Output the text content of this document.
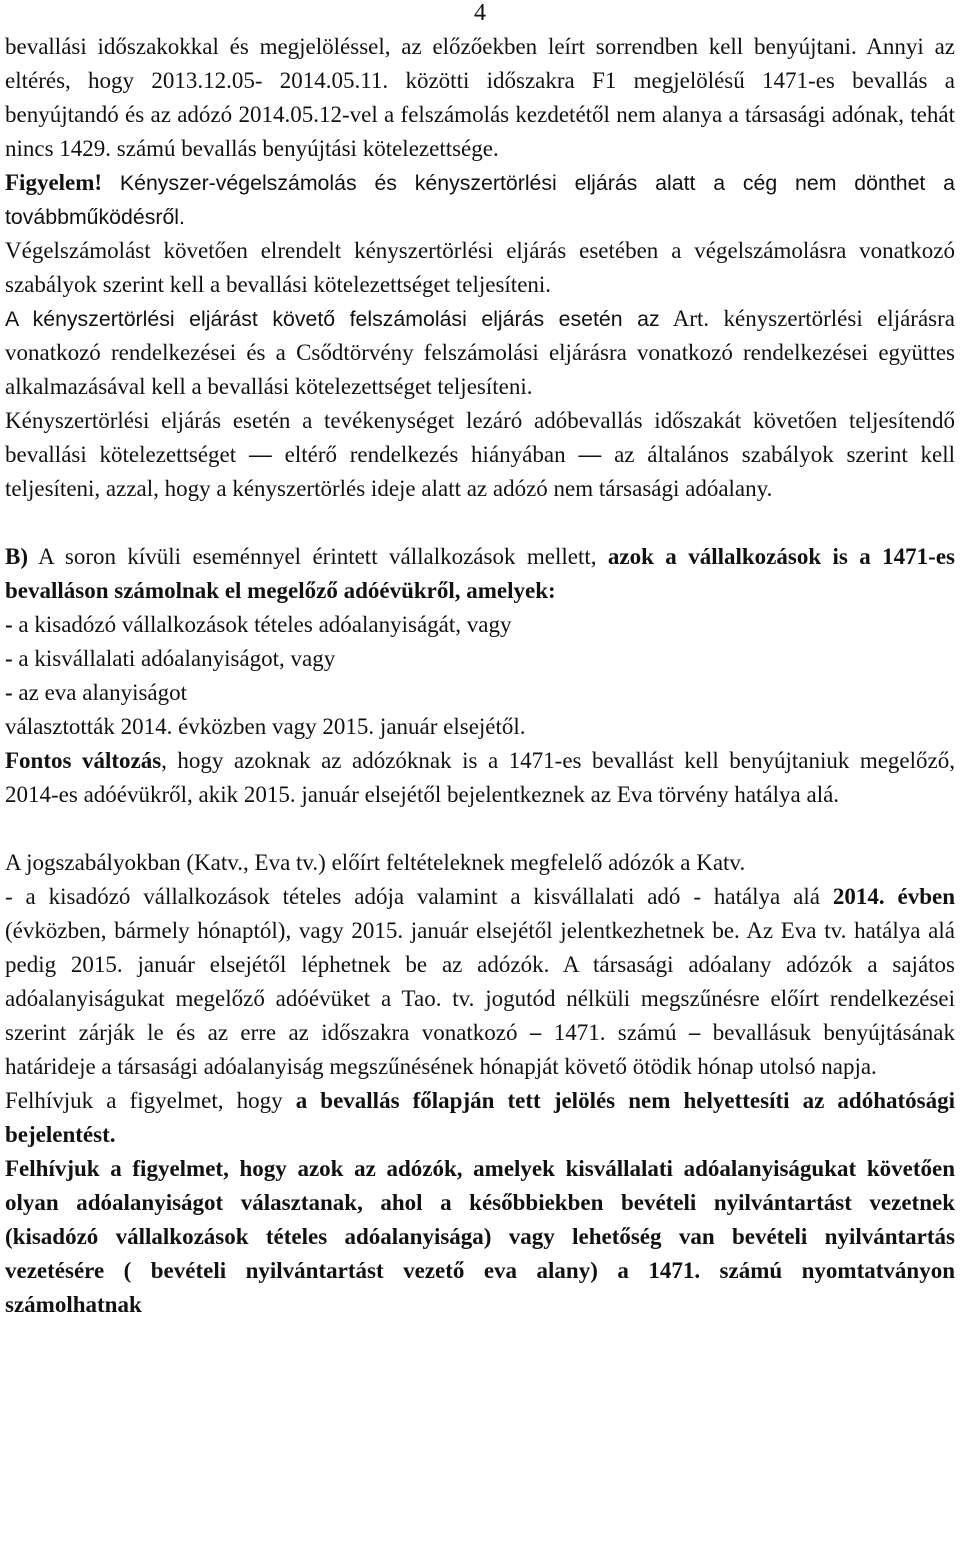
4

bevallási időszakokkal és megjelöléssel, az előzőekben leírt sorrendben kell benyújtani. Annyi az eltérés, hogy 2013.12.05- 2014.05.11. közötti időszakra F1 megjelölésű 1471-es bevallás a benyújtandó és az adózó 2014.05.12-vel a felszámolás kezdetétől nem alanya a társasági adónak, tehát nincs 1429. számú bevallás benyújtási kötelezettsége.

Figyelem! Kényszer-végelszámolás és kényszertörlési eljárás alatt a cég nem dönthet a továbbműködésről.

Végelszámolást követően elrendelt kényszertörlési eljárás esetében a végelszámolásra vonatkozó szabályok szerint kell a bevallási kötelezettséget teljesíteni.

A kényszertörlési eljárást követő felszámolási eljárás esetén az Art. kényszertörlési eljárásra vonatkozó rendelkezései és a Csődtörvény felszámolási eljárásra vonatkozó rendelkezései együttes alkalmazásával kell a bevallási kötelezettséget teljesíteni.

Kényszertörlési eljárás esetén a tevékenységet lezáró adóbevallás időszakát követően teljesítendő bevallási kötelezettséget ⎯⎯ eltérő rendelkezés hiányában ⎯⎯ az általános szabályok szerint kell teljesíteni, azzal, hogy a kényszertörlés ideje alatt az adózó nem társasági adóalany.

B) A soron kívüli eseménnyel érintett vállalkozások mellett, azok a vállalkozások is a 1471-es bevalláson számolnak el megelőző adóévükről, amelyek:

- a kisadózó vállalkozások tételes adóalanyiságát, vagy

- a kisvállalati adóalanyiságot, vagy

- az eva alanyiságot

választották 2014. évközben vagy 2015. január elsejétől.

Fontos változás, hogy azoknak az adózóknak is a 1471-es bevallást kell benyújtaniuk megelőző, 2014-es adóévükről, akik 2015. január elsejétől bejelentkeznek az Eva törvény hatálya alá.

A jogszabályokban (Katv., Eva tv.) előírt feltételeknek megfelelő adózók a Katv.

- a kisadózó vállalkozások tételes adója valamint a kisvállalati adó - hatálya alá 2014. évben (évközben, bármely hónaptól), vagy 2015. január elsejétől jelentkezhetnek be. Az Eva tv. hatálya alá pedig 2015. január elsejétől léphetnek be az adózók. A társasági adóalany adózók a sajátos adóalanyiságukat megelőző adóévüket a Tao. tv. jogutód nélküli megszűnésre előírt rendelkezései szerint zárják le és az erre az időszakra vonatkozó ⎯ 1471. számú ⎯ bevallásuk benyújtásának határideje a társasági adóalanyiság megszűnésének hónapját követő ötödik hónap utolsó napja.

Felhívjuk a figyelmet, hogy a bevallás főlapján tett jelölés nem helyettesíti az adóhatósági bejelentést.

Felhívjuk a figyelmet, hogy azok az adózók, amelyek kisvállalati adóalanyiságukat követően olyan adóalanyiságot választanak, ahol a későbbiekben bevételi nyilvántartást vezetnek (kisadózó vállalkozások tételes adóalanyisága) vagy lehetőség van bevételi nyilvántartás vezetésére ( bevételi nyilvántartást vezető eva alany) a 1471. számú nyomtatványon számolhatnak
